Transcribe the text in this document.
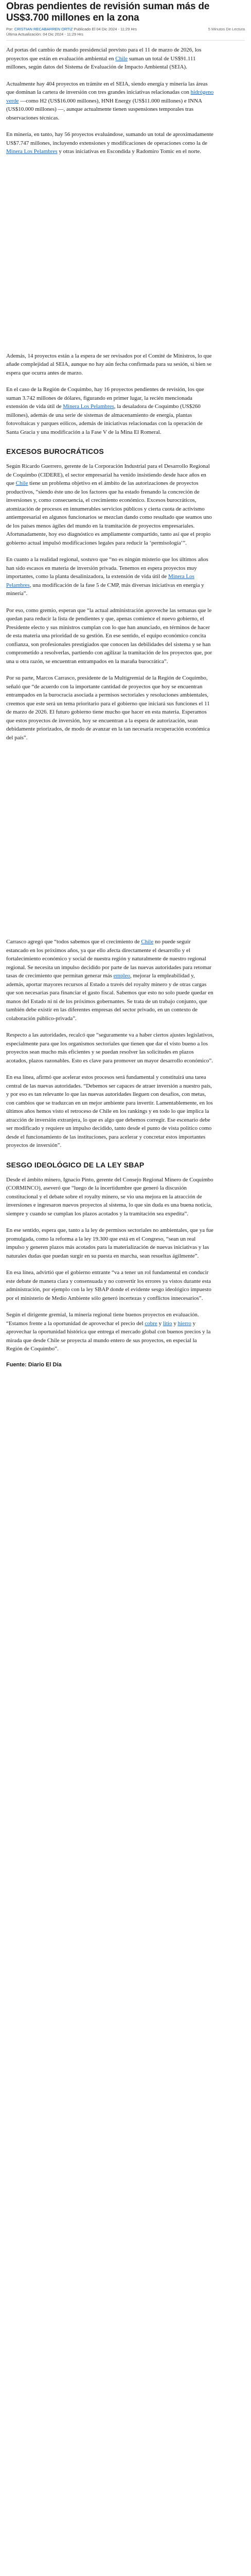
Obras pendientes de revisión suman más de US$3.700 millones en la zona
Por: CRISTIAN RECABARREN ORTIZ Publicado El 04 Dic 2024 - 11:29 Hrs
Última Actualización: 04 Dic 2024 - 11:29 Hrs
5 Minutos De Lectura

Ad portas del cambio de mando presidencial previsto para el 11 de marzo de 2026, los proyectos que están en evaluación ambiental en Chile suman un total de US$91.111 millones, según datos del Sistema de Evaluación de Impacto Ambiental (SEIA).

Actualmente hay 404 proyectos en trámite en el SEIA, siendo energía y minería las áreas que dominan la cartera de inversión con tres grandes iniciativas relacionadas con hidrógeno verde —como H2 (US$16.000 millones), HNH Energy (US$11.000 millones) e INNA (US$10.000 millones) —, aunque actualmente tienen suspensiones temporales tras observaciones técnicas.

En minería, en tanto, hay 56 proyectos evaluándose, sumando un total de aproximadamente US$7.747 millones, incluyendo extensiones y modificaciones de operaciones como la de Minera Los Pelambres y otras iniciativas en Escondida y Radomiro Tomic en el norte.

Además, 14 proyectos están a la espera de ser revisados por el Comité de Ministros, lo que añade complejidad al SEIA, aunque no hay aún fecha confirmada para su sesión, si bien se espera que ocurra antes de marzo.

En el caso de la Región de Coquimbo, hay 16 proyectos pendientes de revisión, los que suman 3.742 millones de dólares, figurando en primer lugar, la recién mencionada extensión de vida útil de Minera Los Pelambres, la desaladora de Coquimbo (US$260 millones), además de una serie de sistemas de almacenamiento de energía, plantas fotovoltaicas y parques eólicos, además de iniciativas relacionadas con la operación de Santa Gracia y una modificación a la Fase V de la Mina El Romeral.

EXCESOS BUROCRÁTICOS

Según Ricardo Guerrero, gerente de la Corporación Industrial para el Desarrollo Regional de Coquimbo (CIDERE), el sector empresarial ha venido insistiendo desde hace años en que Chile tiene un problema objetivo en el ámbito de las autorizaciones de proyectos productivos, “siendo éste uno de los factores que ha estado frenando la concreción de inversiones y, como consecuencia, el crecimiento económico. Excesos burocráticos, atomización de procesos en innumerables servicios públicos y cierta cuota de activismo antiempresarial en algunos funcionarios se mezclan dando como resultado que seamos uno de los países menos ágiles del mundo en la tramitación de proyectos empresariales. Afortunadamente, hoy eso diagnóstico es ampliamente compartido, tanto así que el propio gobierno actual impulsó modificaciones legales para reducir la ‘permisología’”.

En cuanto a la realidad regional, sostuvo que “no es ningún misterio que los últimos años han sido escasos en materia de inversión privada. Tenemos en espera proyectos muy importantes, como la planta desalinizadora, la extensión de vida útil de Minera Los Pelambres, una modificación de la fase 5 de CMP, más diversas iniciativas en energía y minería”.

Por eso, como gremio, esperan que “la actual administración aproveche las semanas que le quedan para reducir la lista de pendientes y que, apenas comience el nuevo gobierno, el Presidente electo y sus ministros cumplan con lo que han anunciado, en términos de hacer de esta materia una prioridad de su gestión. En ese sentido, el equipo económico concita confianza, son profesionales prestigiados que conocen las debilidades del sistema y se han comprometido a resolverlas, partiendo con agilizar la tramitación de los proyectos que, por una u otra razón, se encuentran entrampados en la maraña burocrática”.

Por su parte, Marcos Carrasco, presidente de la Multigremial de la Región de Coquimbo, señaló que “de acuerdo con la importante cantidad de proyectos que hoy se encuentran entrampados en la burocracia asociada a permisos sectoriales y resoluciones ambientales, creemos que este será un tema prioritario para el gobierno que iniciará sus funciones el 11 de marzo de 2026. El futuro gobierno tiene mucho que hacer en esta materia. Esperamos que estos proyectos de inversión, hoy se encuentran a la espera de autorización, sean debidamente priorizados, de modo de avanzar en la tan necesaria recuperación económica del país”.

Carrasco agregó que “todos sabemos que el crecimiento de Chile no puede seguir estancado en los próximos años, ya que ello afecta directamente el desarrollo y el fortalecimiento económico y social de nuestra región y naturalmente de nuestro regional regional. Se necesita un impulso decidido por parte de las nuevas autoridades para retomar tasas de crecimiento que permitan generar más empleo, mejorar la empleabilidad y, además, aportar mayores recursos al Estado a través del royalty minero y de otras cargas que son necesarias para financiar el gasto fiscal. Sabemos que esto no solo puede quedar en manos del Estado ni ni de los próximos gobernantes. Se trata de un trabajo conjunto, que también debe existir en las diferentes empresas del sector privado, en un contexto de colaboración público-privada”.

Respecto a las autoridades, recalcó que “seguramente va a haber ciertos ajustes legislativos, especialmente para que los organismos sectoriales que tienen que dar el visto bueno a los proyectos sean mucho más eficientes y se puedan resolver las solicitudes en plazos acotados, plazos razonables. Esto es clave para promover un mayor desarrollo económico”.

En esa línea, afirmó que acelerar estos procesos será fundamental y constituirá una tarea central de las nuevas autoridades. “Debemos ser capaces de atraer inversión a nuestro país, y por eso es tan relevante lo que las nuevas autoridades lleguen con desafíos, con metas, con cambios que se traduzcan en un mejor ambiente para invertir. Lamentablemente, en los últimos años hemos visto el retroceso de Chile en los rankings y en todo lo que implica la atracción de inversión extranjera, lo que es algo que debemos corregir. Ese escenario debe ser modificado y requiere un impulso decidido, tanto desde el punto de vista político como desde el funcionamiento de las instituciones, para acelerar y concretar estos importantes proyectos de inversión”.

SESGO IDEOLÓGICO DE LA LEY SBAP

Desde el ámbito minero, Ignacio Pinto, gerente del Consejo Regional Minero de Coquimbo (CORMINCO), aseveró que “luego de la incertidumbre que generó la discusión constitucional y el debate sobre el royalty minero, se vio una mejora en la atracción de inversiones e ingresaron nuevos proyectos al sistema, lo que sin duda es una buena noticia, siempre y cuando se cumplan los plazos acotados y la tramitación sea expedita”.

En ese sentido, espera que, tanto a la ley de permisos sectoriales no ambientales, que ya fue promulgada, como la reforma a la ley 19.300 que está en el Congreso, “sean un real impulso y generen plazos más acotados para la materialización de nuevas iniciativas y las naturales dudas que puedan surgir en su puesta en marcha, sean resueltas ágilmente”.

En esa línea, advirtió que el gobierno entrante “va a tener un rol fundamental en conducir este debate de manera clara y consensuada y no convertir los errores ya vistos durante esta administración, por ejemplo con la ley SBAP donde el evidente sesgo ideológico impuesto por el ministerio de Medio Ambiente sólo generó incertezas y conflictos innecesarios”.

Según el dirigente gremial, la minería regional tiene buenos proyectos en evaluación. “Estamos frente a la oportunidad de aprovechar el precio del cobre y litio y hierro y aprovechar la oportunidad histórica que entrega el mercado global con buenos precios y la mirada que desde Chile se proyecta al mundo entero de sus proyectos, en especial la Región de Coquimbo”.

Fuente: Diario El Día
